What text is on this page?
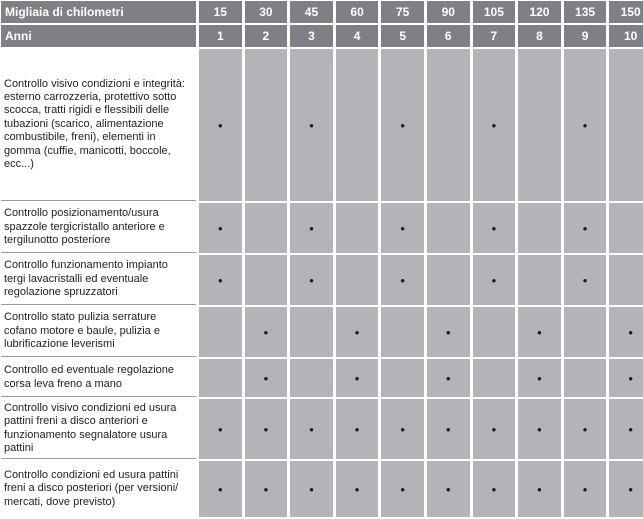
Migliaia di chilometri	15	30	45	60	75	90	105	120	135	150
Anni	1	2	3	4	5	6	7	8	9	10
Controllo visivo condizioni e integrità: esterno carrozzeria, protettivo sotto scocca, tratti rigidi e flessibili delle tubazioni (scarico, alimentazione combustibile, freni), elementi in gomma (cuffie, manicotti, boccole, ecc...)	•		•		•		•		•	
Controllo posizionamento/usura spazzole tergicristallo anteriore e tergilunotto posteriore	•		•		•		•		•	
Controllo funzionamento impianto tergi lavacristalli ed eventuale regolazione spruzzatori	•		•		•		•		•	
Controllo stato pulizia serrature cofano motore e baule, pulizia e lubrificazione leverismi		•		•		•		•		•
Controllo ed eventuale regolazione corsa leva freno a mano		•		•		•		•		•
Controllo visivo condizioni ed usura pattini freni a disco anteriori e funzionamento segnalatore usura pattini	•	•	•	•	•	•	•	•	•	•
Controllo condizioni ed usura pattini freni a disco posteriori (per versioni/ mercati, dove previsto)	•	•	•	•	•	•	•	•	•	•
